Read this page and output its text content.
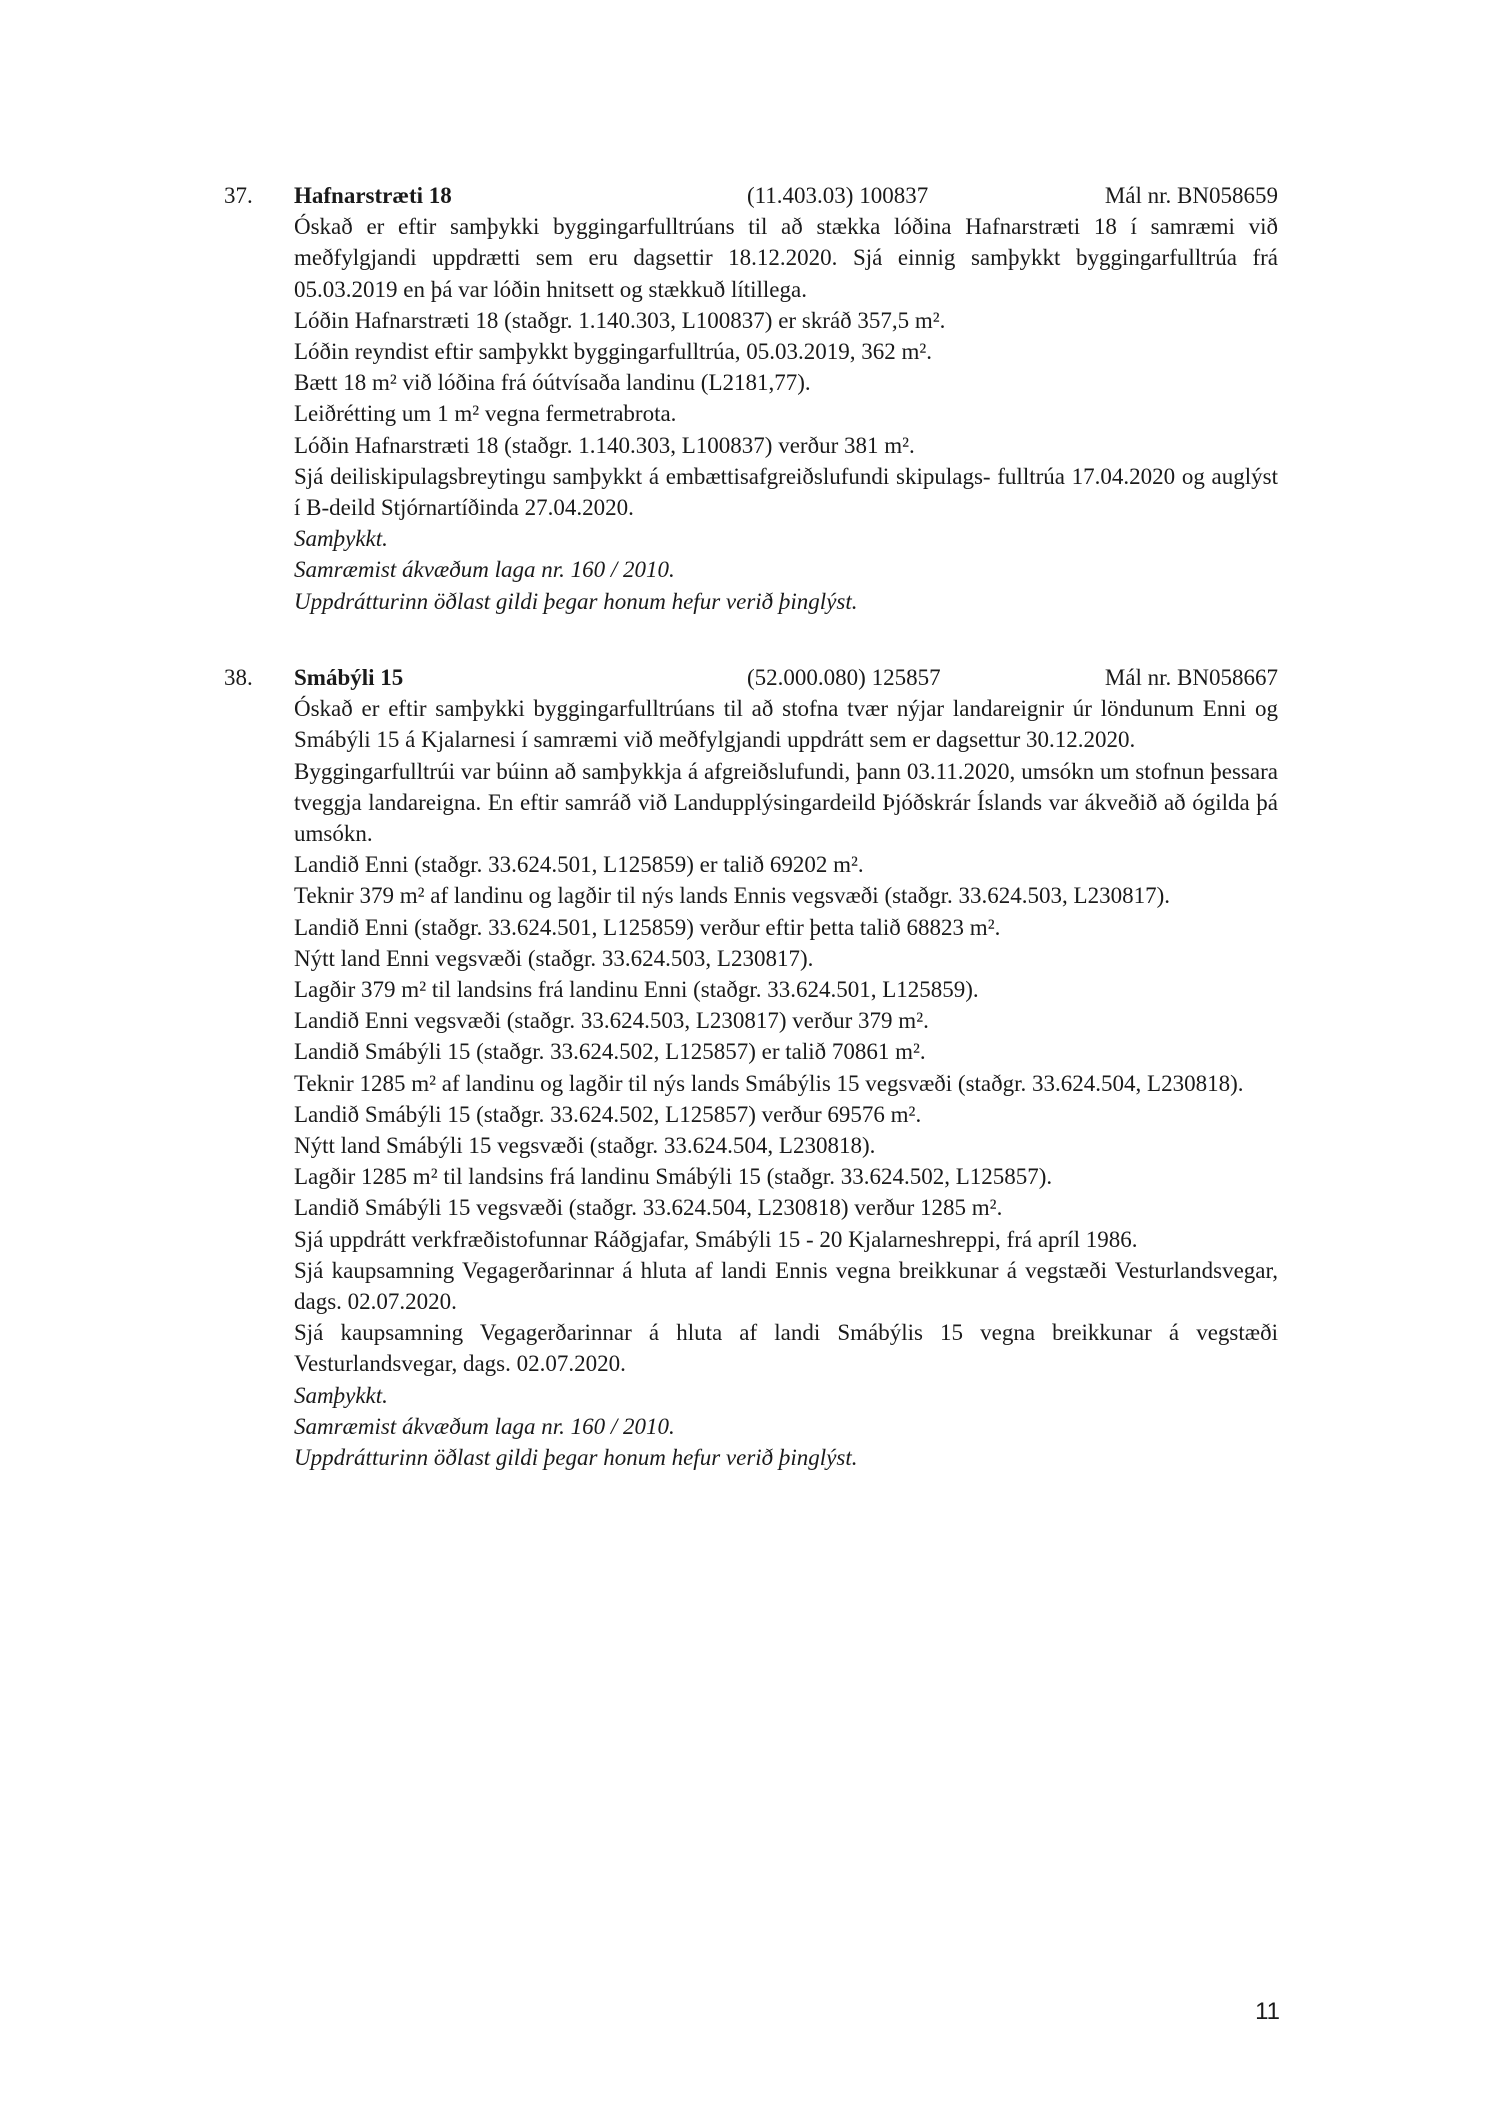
37. Hafnarstræti 18	(11.403.03) 100837	Mál nr. BN058659

Óskað er eftir samþykki byggingarfulltrúans til að stækka lóðina Hafnarstræti 18 í samræmi við meðfylgjandi uppdrætti sem eru dagsettir 18.12.2020. Sjá einnig samþykkt byggingarfulltrúa frá 05.03.2019 en þá var lóðin hnitsett og stækkuð lítillega.

Lóðin Hafnarstræti 18 (staðgr. 1.140.303, L100837) er skráð 357,5 m².

Lóðin reyndist eftir samþykkt byggingarfulltrúa, 05.03.2019, 362 m².

Bætt 18 m² við lóðina frá óútvísaða landinu (L2181,77).

Leiðrétting um 1 m² vegna fermetrabrota.

Lóðin Hafnarstræti 18 (staðgr. 1.140.303, L100837) verður 381 m².

Sjá deiliskipulagsbreytingu samþykkt á embættisafgreiðslufundi skipulags- fulltrúa 17.04.2020 og auglýst í B-deild Stjórnartíðinda 27.04.2020.

Samþykkt.

Samræmist ákvæðum laga nr. 160 / 2010.

Uppdrátturinn öðlast gildi þegar honum hefur verið þinglýst.

38. Smábýli 15	(52.000.080) 125857	Mál nr. BN058667

Óskað er eftir samþykki byggingarfulltrúans til að stofna tvær nýjar landareignir úr löndunum Enni og Smábýli 15 á Kjalarnesi í samræmi við meðfylgjandi uppdrátt sem er dagsettur 30.12.2020.

Byggingarfulltrúi var búinn að samþykkja á afgreiðslufundi, þann 03.11.2020, umsókn um stofnun þessara tveggja landareigna. En eftir samráð við Landupplýsingardeild Þjóðskrár Íslands var ákveðið að ógilda þá umsókn.

Landið Enni (staðgr. 33.624.501, L125859) er talið 69202 m².

Teknir 379 m² af landinu og lagðir til nýs lands Ennis vegsvæði (staðgr. 33.624.503, L230817).

Landið Enni (staðgr. 33.624.501, L125859) verður eftir þetta talið 68823 m².

Nýtt land Enni vegsvæði (staðgr. 33.624.503, L230817).

Lagðir 379 m² til landsins frá landinu Enni (staðgr. 33.624.501, L125859).

Landið Enni vegsvæði (staðgr. 33.624.503, L230817) verður 379 m².

Landið Smábýli 15 (staðgr. 33.624.502, L125857) er talið 70861 m².

Teknir 1285 m² af landinu og lagðir til nýs lands Smábýlis 15 vegsvæði (staðgr. 33.624.504, L230818).

Landið Smábýli 15 (staðgr. 33.624.502, L125857) verður 69576 m².

Nýtt land Smábýli 15 vegsvæði (staðgr. 33.624.504, L230818).

Lagðir 1285 m² til landsins frá landinu Smábýli 15 (staðgr. 33.624.502, L125857).

Landið Smábýli 15 vegsvæði (staðgr. 33.624.504, L230818) verður 1285 m².

Sjá uppdrátt verkfræðistofunnar Ráðgjafar, Smábýli 15 - 20 Kjalarneshreppi, frá apríl 1986.

Sjá kaupsamning Vegagerðarinnar á hluta af landi Ennis vegna breikkunar á vegstæði Vesturlandsvegar, dags. 02.07.2020.

Sjá kaupsamning Vegagerðarinnar á hluta af landi Smábýlis 15 vegna breikkunar á vegstæði Vesturlandsvegar, dags. 02.07.2020.

Samþykkt.

Samræmist ákvæðum laga nr. 160 / 2010.

Uppdrátturinn öðlast gildi þegar honum hefur verið þinglýst.

11
